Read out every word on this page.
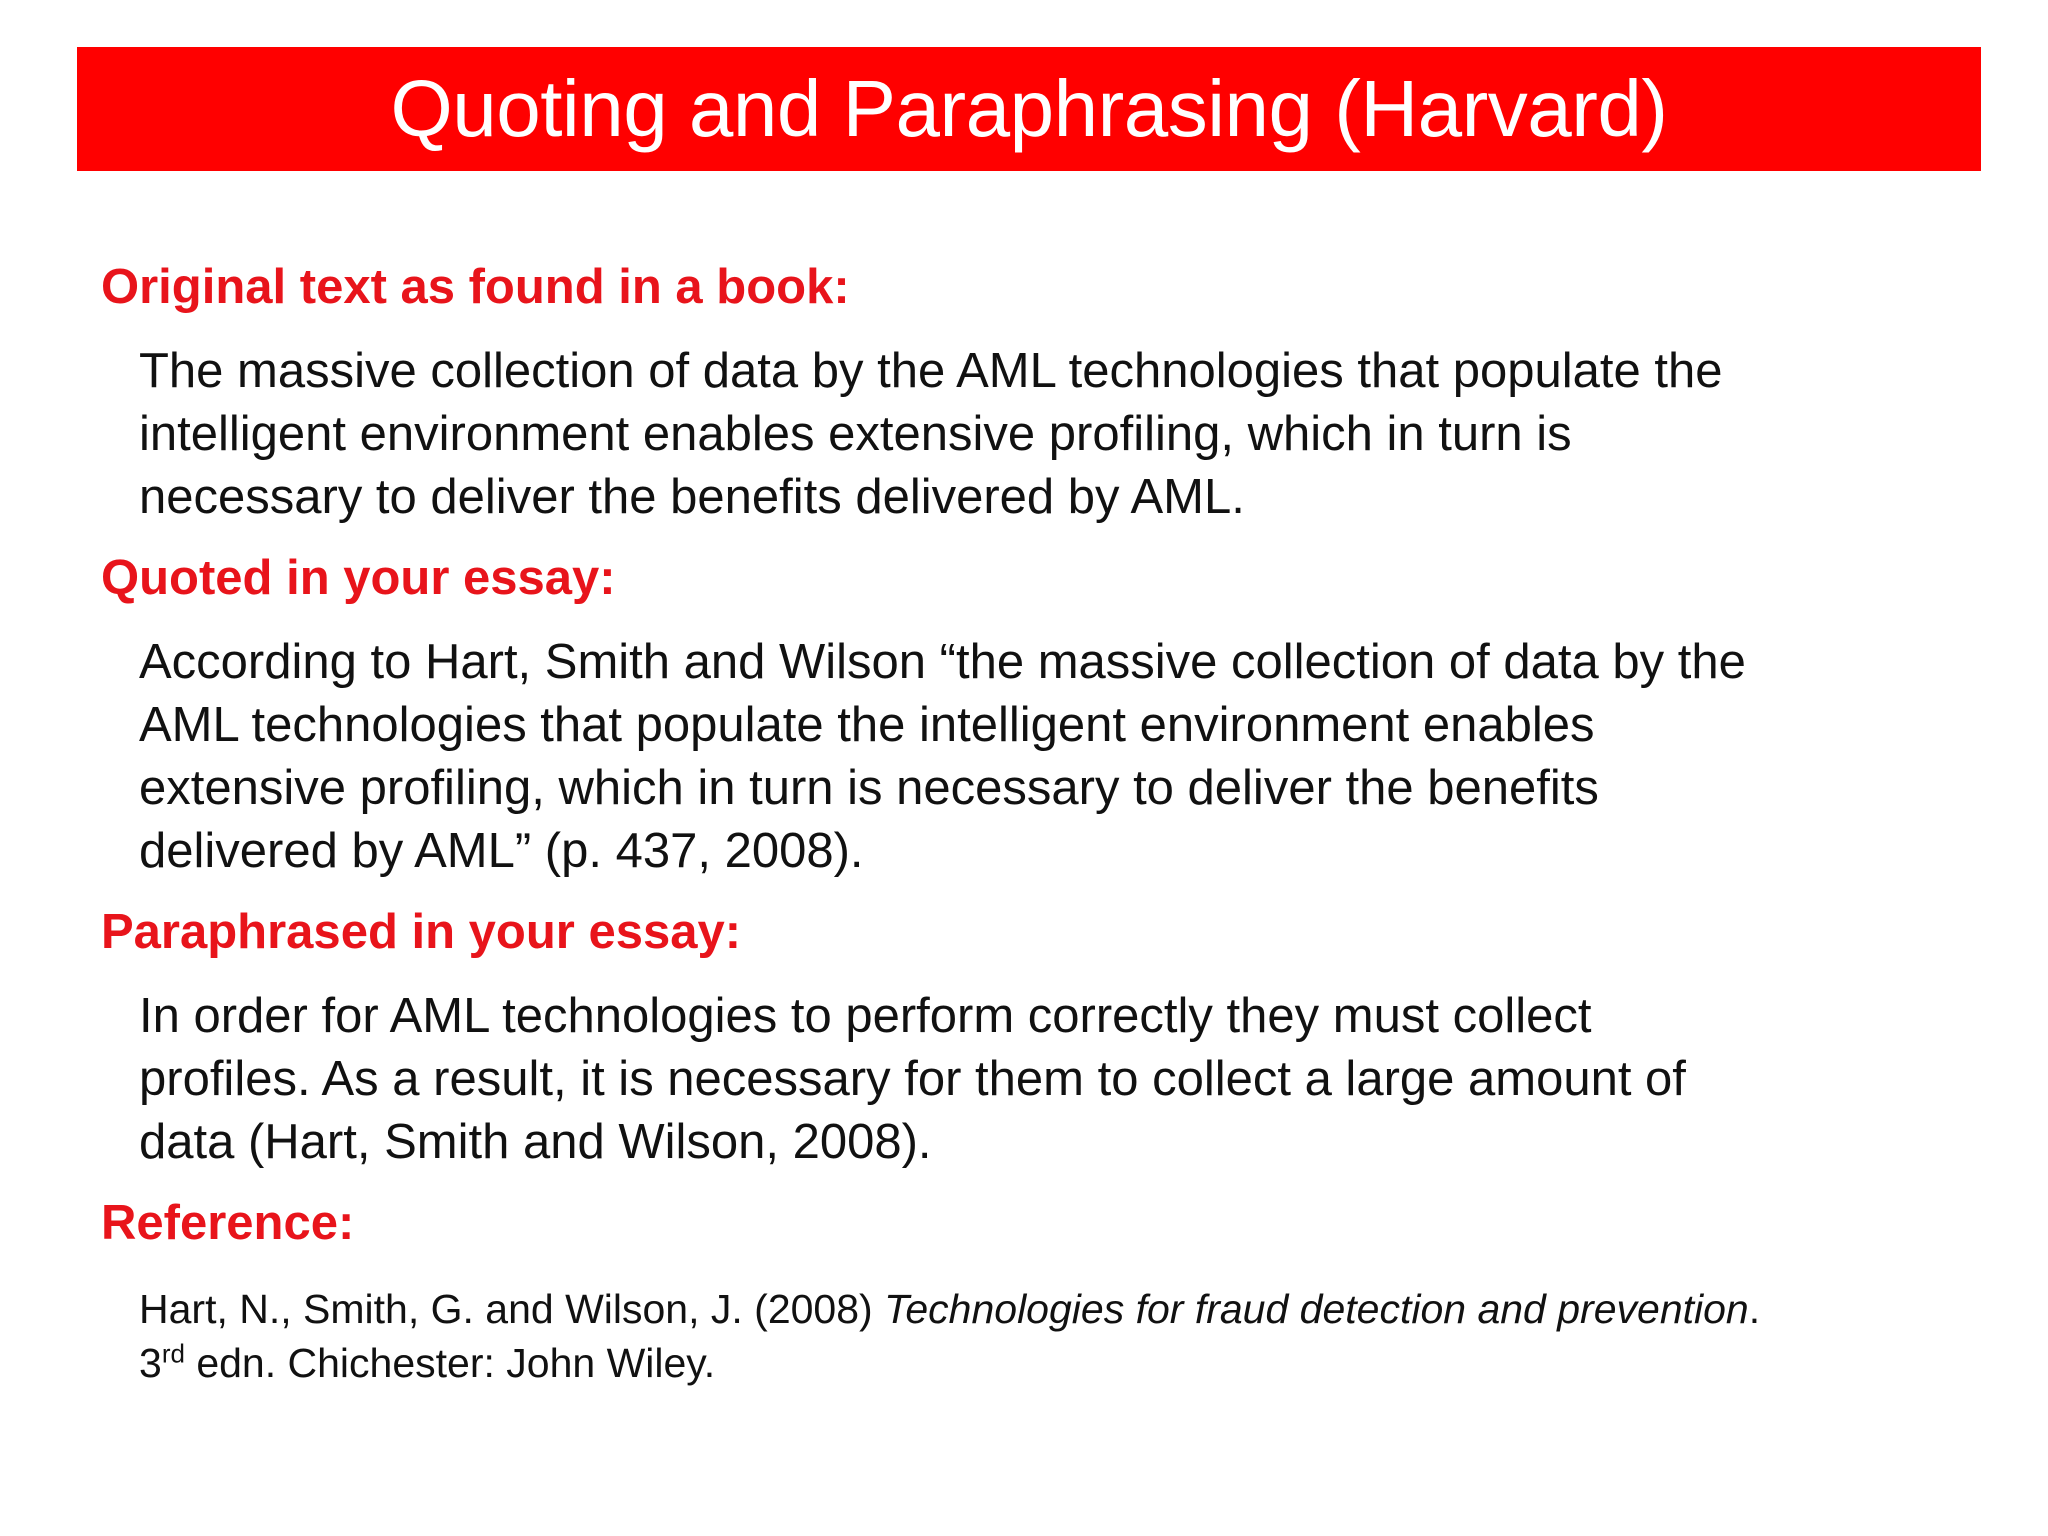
Quoting and Paraphrasing (Harvard)
Original text as found in a book:
The massive collection of data by the AML technologies that populate the
intelligent environment enables extensive profiling, which in turn is
necessary to deliver the benefits delivered by AML.
Quoted in your essay:
According to Hart, Smith and Wilson “the massive collection of data by the
AML technologies that populate the intelligent environment enables
extensive profiling, which in turn is necessary to deliver the benefits
delivered by AML” (p. 437, 2008).
Paraphrased in your essay:
In order for AML technologies to perform correctly they must collect
profiles. As a result, it is necessary for them to collect a large amount of
data (Hart, Smith and Wilson, 2008).
Reference:
Hart, N., Smith, G. and Wilson, J. (2008) Technologies for fraud detection and prevention.
3rd edn. Chichester: John Wiley.
